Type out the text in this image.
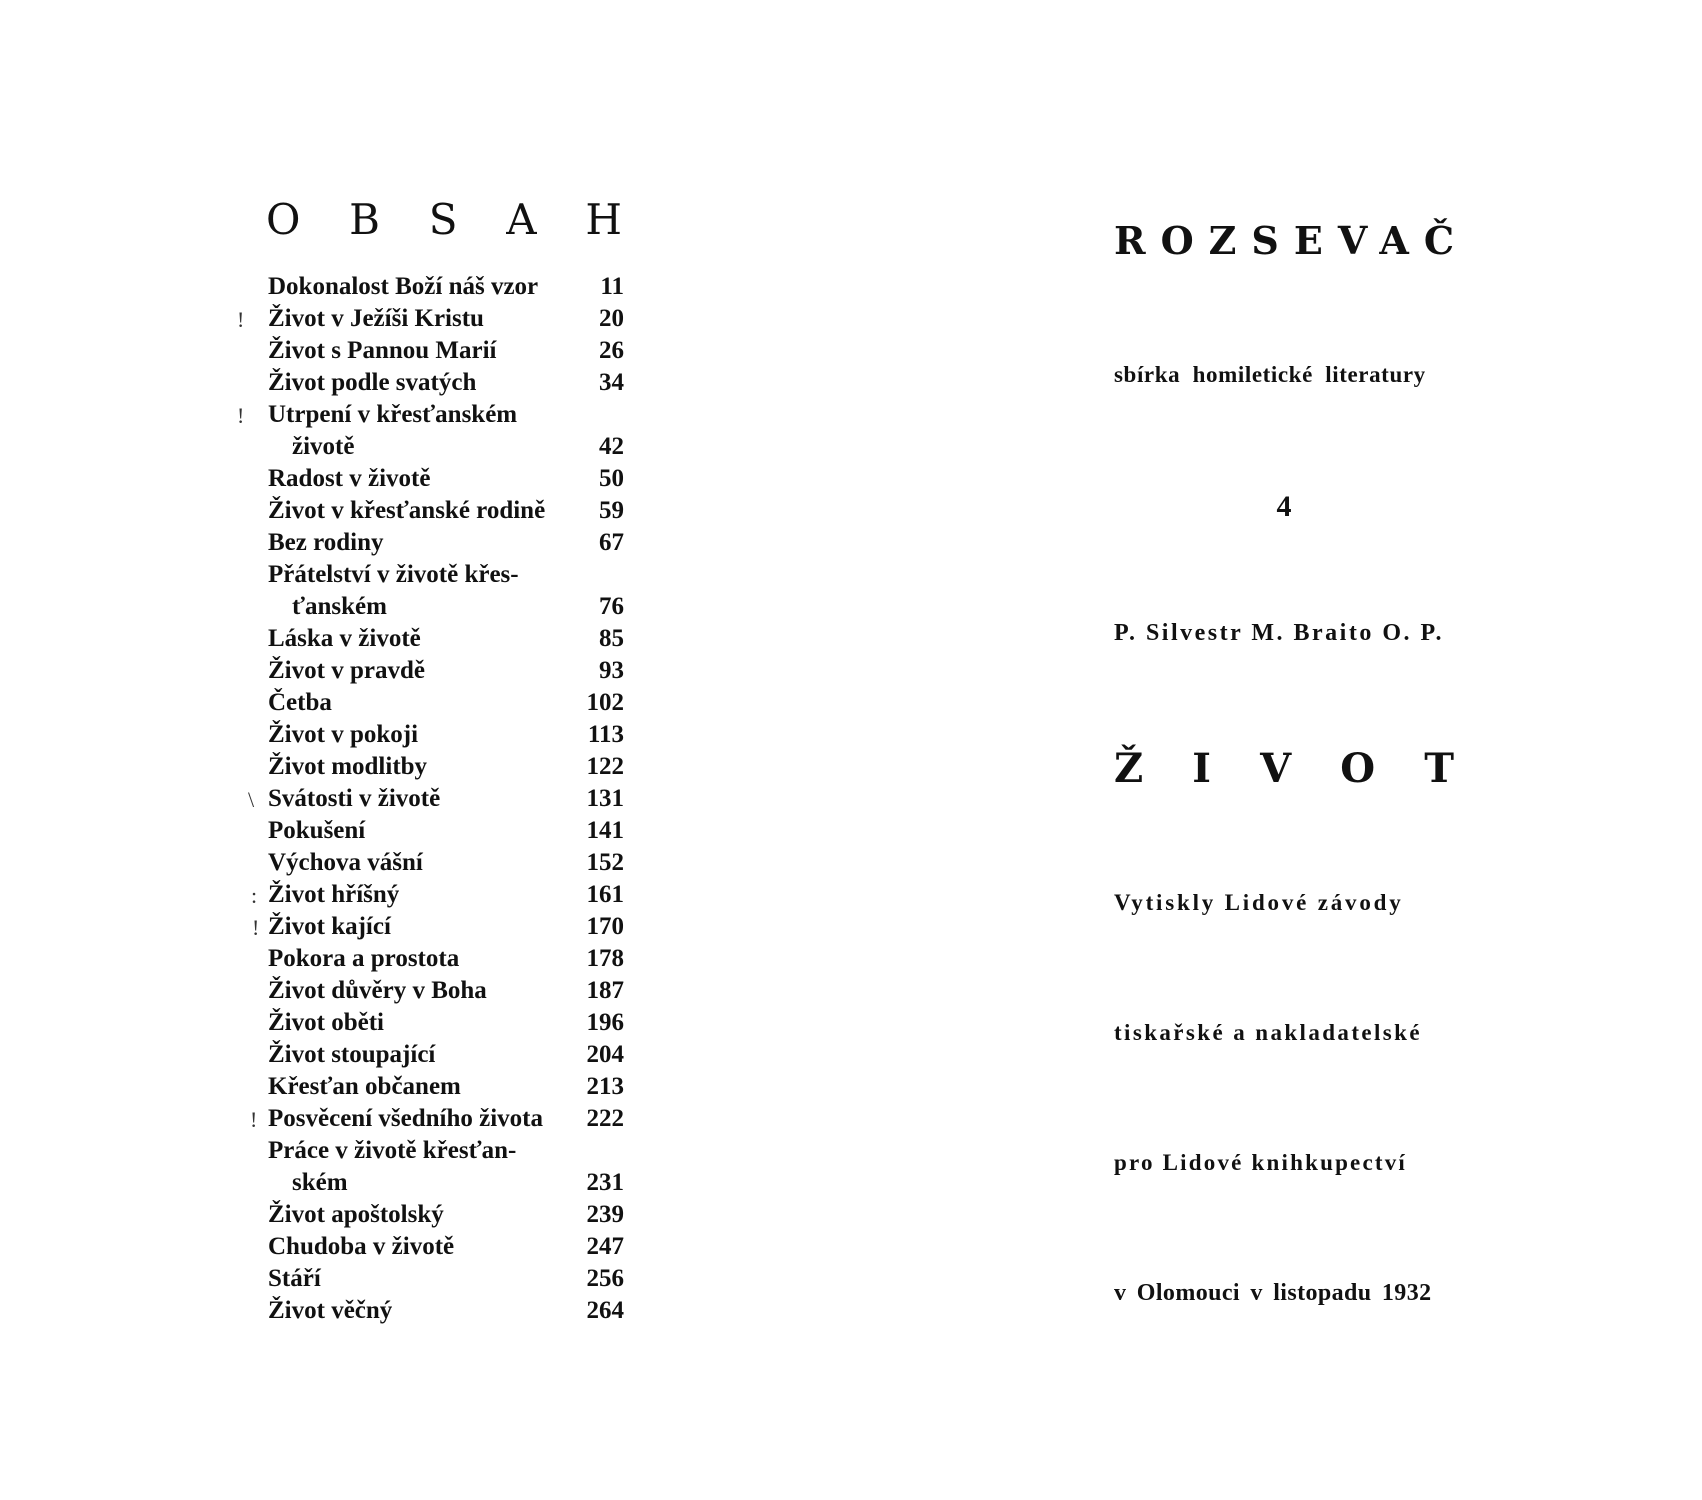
O B S A H
!
!
\
:
!
!
Dokonalost Boží náš vzor	11
Život v Ježíši Kristu	20
Život s Pannou Marií	26
Život podle svatých	34
Utrpení v křesťanském
životě	42
Radost v životě	50
Život v křesťanské rodině	59
Bez rodiny	67
Přátelství v životě křes-
ťanském	76
Láska v životě	85
Život v pravdě	93
Četba	102
Život v pokoji	113
Život modlitby	122
Svátosti v životě	131
Pokušení	141
Výchova vášní	152
Život hříšný	161
Život kající	170
Pokora a prostota	178
Život důvěry v Boha	187
Život oběti	196
Život stoupající	204
Křesťan občanem	213
Posvěcení všedního života	222
Práce v životě křesťan-
ském	231
Život apoštolský	239
Chudoba v životě	247
Stáří	256
Život věčný	264
ROZSEVAČ
sbírka homiletické literatury
4
P. Silvestr M. Braito O. P.
Ž I V O T
Vytiskly Lidové závody
tiskařské a nakladatelské
pro Lidové knihkupectví
v Olomouci v listopadu 1932
